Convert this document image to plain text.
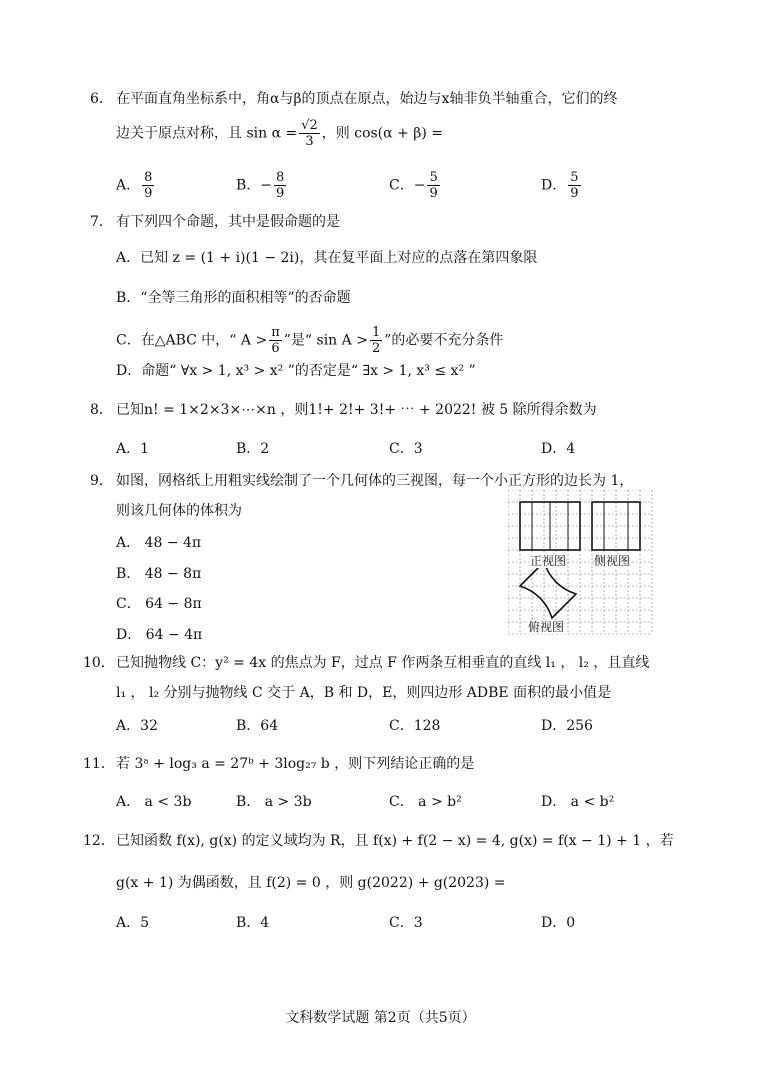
6． 在平面直角坐标系中，角α与β的顶点在原点，始边与x轴非负半轴重合，它们的终
边关于原点对称，且 $\sin \alpha = \frac{√2}{3}$ ，则 cos(α + β) =
A． $\frac{8}{9}$	B．− $\frac{8}{9}$	C．− $\frac{5}{9}$	D． $\frac{5}{9}$
7． 有下列四个命题，其中是假命题的是
A．已知 z = (1 + i)(1 − 2i)，其在复平面上对应的点落在第四象限
B．“全等三角形的面积相等”的否命题
C．在△ABC 中，“ $A > \frac{\pi}{6}$ ”是“ $\sin A > \frac{1}{2}$ ”的必要不充分条件
D．命题“ ∀x > 1, x³ > x² ”的否定是“ ∃x > 1, x³ ≤ x² ”
8． 已知n! = 1×2×3×⋯×n ，则1!+ 2!+ 3!+ ⋯ + 2022! 被 5 除所得余数为
A．1	B．2	C．3	D．4
9． 如图，网格纸上用粗实线绘制了一个几何体的三视图，每一个小正方形的边长为 1，
则该几何体的体积为
A． 48 − 4π
B． 48 − 8π
C． 64 − 8π
D． 64 − 4π
正视图 侧视图
俯视图
10． 已知抛物线 C：y² = 4x 的焦点为 F，过点 F 作两条互相垂直的直线 l₁ ， l₂ ，且直线
l₁ ， l₂ 分别与抛物线 C 交于 A，B 和 D，E，则四边形 ADBE 面积的最小值是
A．32	B．64	C．128	D．256
11． 若 3ᵃ + log₃ a = 27ᵇ + 3log₂₇ b ，则下列结论正确的是
A． a < 3b	B． a > 3b	C． a > b²	D． a < b²
12． 已知函数 f(x), g(x) 的定义域均为 R，且 f(x) + f(2 − x) = 4, g(x) = f(x − 1) + 1 ，若
g(x + 1) 为偶函数，且 f(2) = 0 ，则 g(2022) + g(2023) =
A．5	B．4	C．3	D．0
文科数学试题 第2页（共5页）
